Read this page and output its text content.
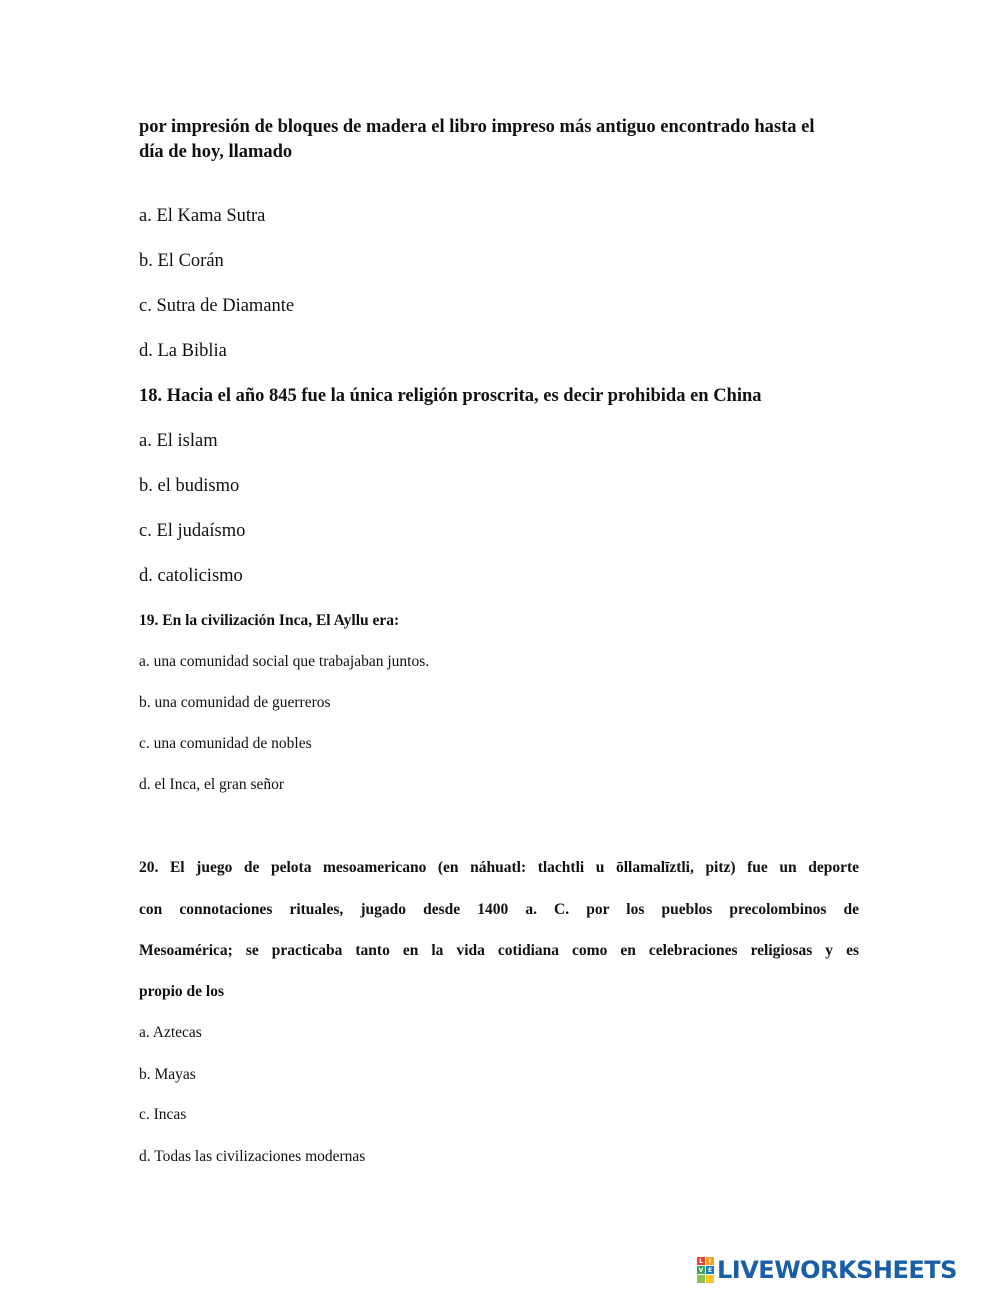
por impresión de bloques de madera el libro impreso más antiguo encontrado hasta el

día de hoy, llamado

a. El Kama Sutra

b. El Corán

c. Sutra de Diamante

d. La Biblia

18. Hacia el año 845 fue la única religión proscrita, es decir prohibida en China

a. El islam

b. el budismo

c. El judaísmo

d. catolicismo

19. En la civilización Inca, El Ayllu era:

a. una comunidad social que trabajaban juntos.

b. una comunidad de guerreros

c. una comunidad de nobles

d. el Inca, el gran señor

20. El juego de pelota mesoamericano (en náhuatl: tlachtli u ōllamalīztli, pitz) fue un deporte
con connotaciones rituales, jugado desde 1400 a. C. por los pueblos precolombinos de
Mesoamérica; se practicaba tanto en la vida cotidiana como en celebraciones religiosas y es
propio de los

a. Aztecas

b. Mayas

c. Incas

d. Todas las civilizaciones modernas

L I
V E LIVEWORKSHEETS
